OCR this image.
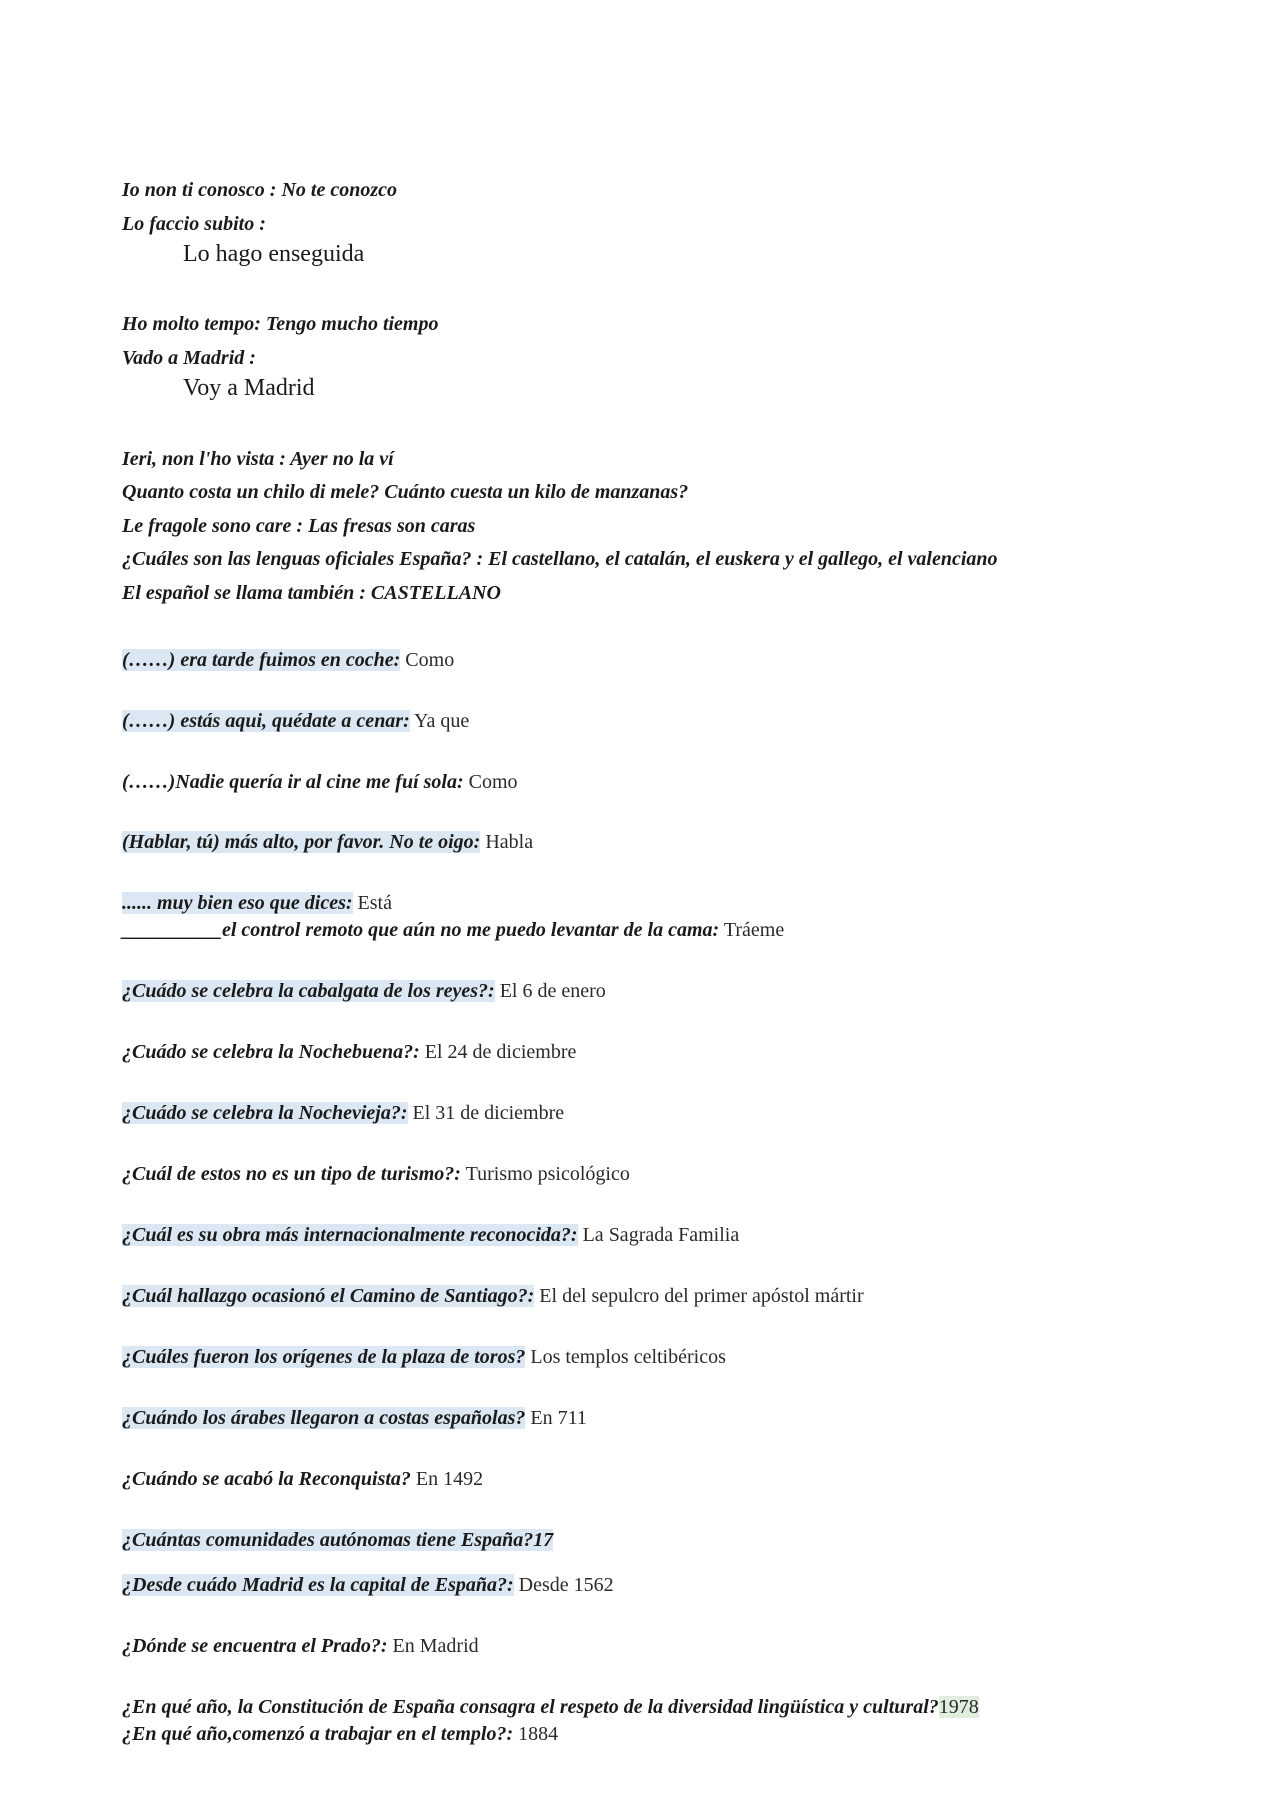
Io non ti conosco : No te conozco
Lo faccio subito :
Lo hago enseguida
Ho molto tempo: Tengo mucho tiempo
Vado a Madrid :
Voy a Madrid
Ieri, non l'ho vista : Ayer no la ví
Quanto costa un chilo di mele? Cuánto cuesta un kilo de manzanas?
Le fragole sono care : Las fresas son caras
¿Cuáles son las lenguas oficiales España? : El castellano, el catalán, el euskera y el gallego, el valenciano
El español se llama también : CASTELLANO
(……) era tarde fuimos en coche: Como
(……) estás aqui, quédate a cenar: Ya que
(……)Nadie quería ir al cine me fuí sola: Como
(Hablar, tú) más alto, por favor. No te oigo: Habla
...... muy bien eso que dices: Está
__________el control remoto que aún no me puedo levantar de la cama: Tráeme
¿Cuádo se celebra la cabalgata de los reyes?: El 6 de enero
¿Cuádo se celebra la Nochebuena?: El 24 de diciembre
¿Cuádo se celebra la Nochevieja?: El 31 de diciembre
¿Cuál de estos no es un tipo de turismo?: Turismo psicológico
¿Cuál es su obra más internacionalmente reconocida?: La Sagrada Familia
¿Cuál hallazgo ocasionó el Camino de Santiago?: El del sepulcro del primer apóstol mártir
¿Cuáles fueron los orígenes de la plaza de toros? Los templos celtibéricos
¿Cuándo los árabes llegaron a costas españolas? En 711
¿Cuándo se acabó la Reconquista? En 1492
¿Cuántas comunidades autónomas tiene España?17
¿Desde cuádo Madrid es la capital de España?: Desde 1562
¿Dónde se encuentra el Prado?: En Madrid
¿En qué año, la Constitución de España consagra el respeto de la diversidad lingüística y cultural?1978
¿En qué año,comenzó a trabajar en el templo?: 1884
